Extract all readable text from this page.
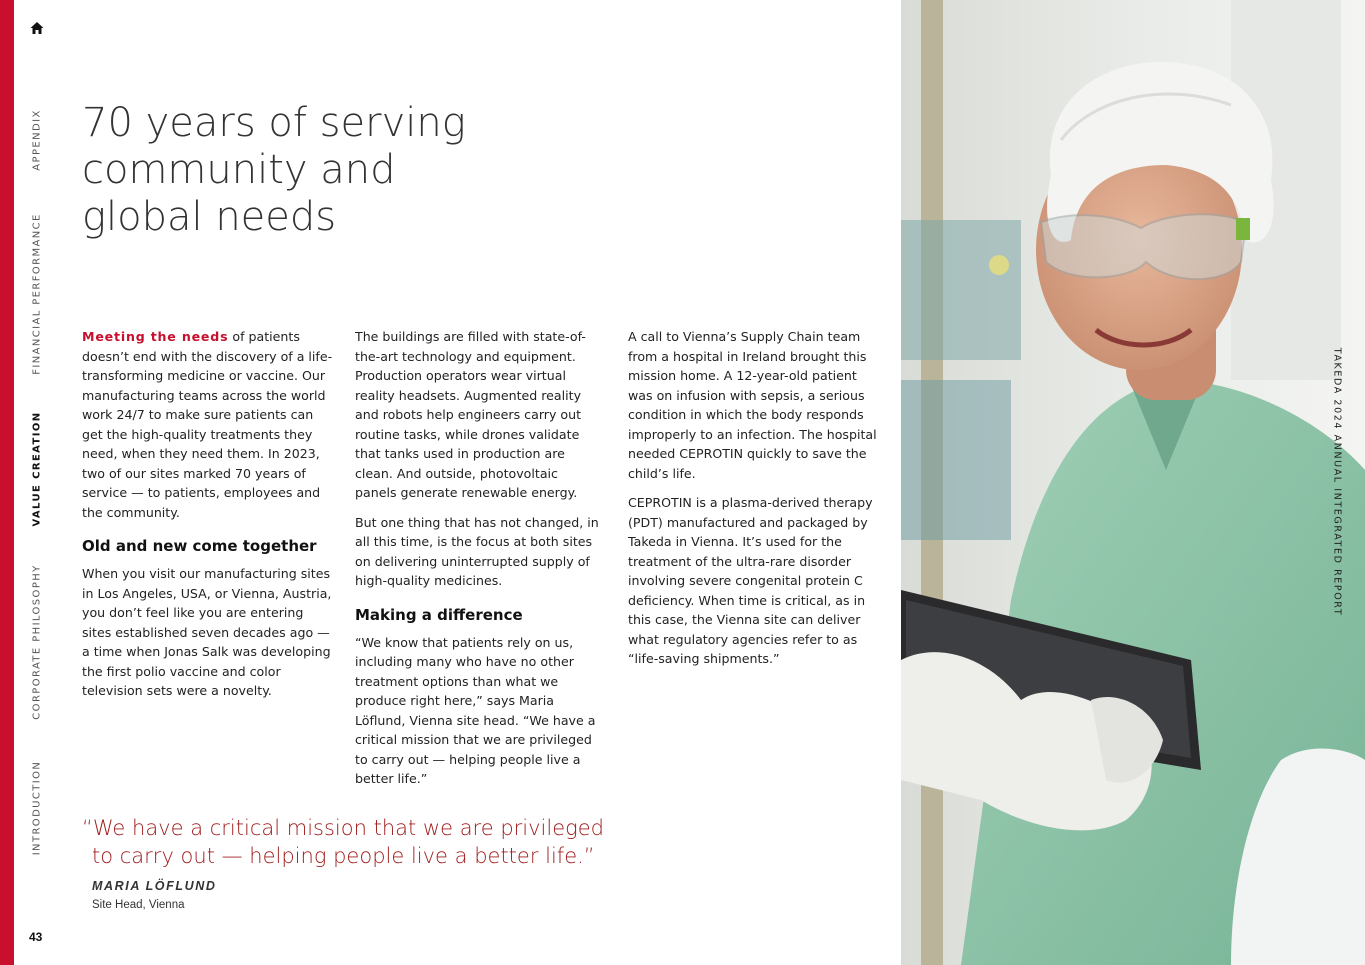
APPENDIX
FINANCIAL PERFORMANCE
VALUE CREATION
CORPORATE PHILOSOPHY
INTRODUCTION
43
70 years of serving
community and
global needs

Meeting the needs of patients doesn’t end with the discovery of a life-transforming medicine or vaccine. Our manufacturing teams across the world work 24/7 to make sure patients can get the high-quality treatments they need, when they need them. In 2023, two of our sites marked 70 years of service — to patients, employees and the community.

Old and new come together

When you visit our manufacturing sites in Los Angeles, USA, or Vienna, Austria, you don’t feel like you are entering sites established seven decades ago — a time when Jonas Salk was developing the first polio vaccine and color television sets were a novelty.

The buildings are filled with state-of-the-art technology and equipment. Production operators wear virtual reality headsets. Augmented reality and robots help engineers carry out routine tasks, while drones validate that tanks used in production are clean. And outside, photovoltaic panels generate renewable energy.

But one thing that has not changed, in all this time, is the focus at both sites on delivering uninterrupted supply of high-quality medicines.

Making a difference

“We know that patients rely on us, including many who have no other treatment options than what we produce right here,” says Maria Löflund, Vienna site head. “We have a critical mission that we are privileged to carry out — helping people live a better life.”

A call to Vienna’s Supply Chain team from a hospital in Ireland brought this mission home. A 12-year-old patient was on infusion with sepsis, a serious condition in which the body responds improperly to an infection. The hospital needed CEPROTIN quickly to save the child’s life.

CEPROTIN is a plasma-derived therapy (PDT) manufactured and packaged by Takeda in Vienna. It’s used for the treatment of the ultra-rare disorder involving severe congenital protein C deficiency. When time is critical, as in this case, the Vienna site can deliver what regulatory agencies refer to as “life-saving shipments.”

“We have a critical mission that we are privileged
to carry out — helping people live a better life.”
MARIA LÖFLUND
Site Head, Vienna
TAKEDA 2024 ANNUAL INTEGRATED REPORT
